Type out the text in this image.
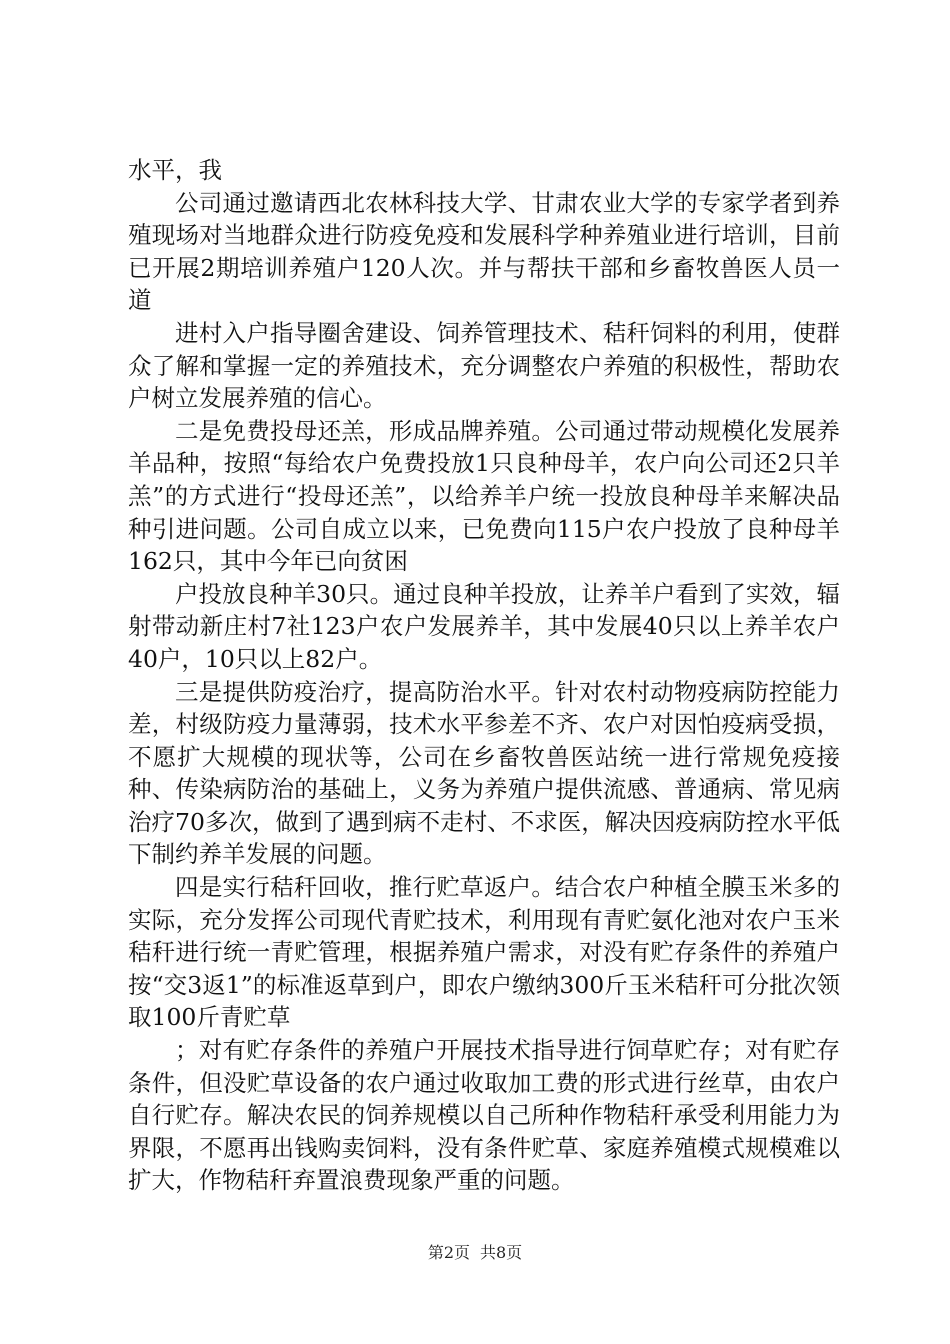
水平，我

公司通过邀请西北农林科技大学、甘肃农业大学的专家学者到养殖现场对当地群众进行防疫免疫和发展科学种养殖业进行培训，目前已开展2期培训养殖户120人次。并与帮扶干部和乡畜牧兽医人员一道

进村入户指导圈舍建设、饲养管理技术、秸秆饲料的利用，使群众了解和掌握一定的养殖技术，充分调整农户养殖的积极性，帮助农户树立发展养殖的信心。

二是免费投母还羔，形成品牌养殖。公司通过带动规模化发展养羊品种，按照“每给农户免费投放1只良种母羊，农户向公司还2只羊羔”的方式进行“投母还羔”，以给养羊户统一投放良种母羊来解决品种引进问题。公司自成立以来，已免费向115户农户投放了良种母羊162只，其中今年已向贫困

户投放良种羊30只。通过良种羊投放，让养羊户看到了实效，辐射带动新庄村7社123户农户发展养羊，其中发展40只以上养羊农户40户，10只以上82户。

三是提供防疫治疗，提高防治水平。针对农村动物疫病防控能力差，村级防疫力量薄弱，技术水平参差不齐、农户对因怕疫病受损，不愿扩大规模的现状等，公司在乡畜牧兽医站统一进行常规免疫接种、传染病防治的基础上，义务为养殖户提供流感、普通病、常见病治疗70多次，做到了遇到病不走村、不求医，解决因疫病防控水平低下制约养羊发展的问题。

四是实行秸秆回收，推行贮草返户。结合农户种植全膜玉米多的实际，充分发挥公司现代青贮技术，利用现有青贮氨化池对农户玉米秸秆进行统一青贮管理，根据养殖户需求，对没有贮存条件的养殖户按“交3返1”的标准返草到户，即农户缴纳300斤玉米秸秆可分批次领取100斤青贮草

；对有贮存条件的养殖户开展技术指导进行饲草贮存；对有贮存条件，但没贮草设备的农户通过收取加工费的形式进行丝草，由农户自行贮存。解决农民的饲养规模以自己所种作物秸秆承受利用能力为界限，不愿再出钱购卖饲料，没有条件贮草、家庭养殖模式规模难以扩大，作物秸秆弃置浪费现象严重的问题。

第2页 共8页
